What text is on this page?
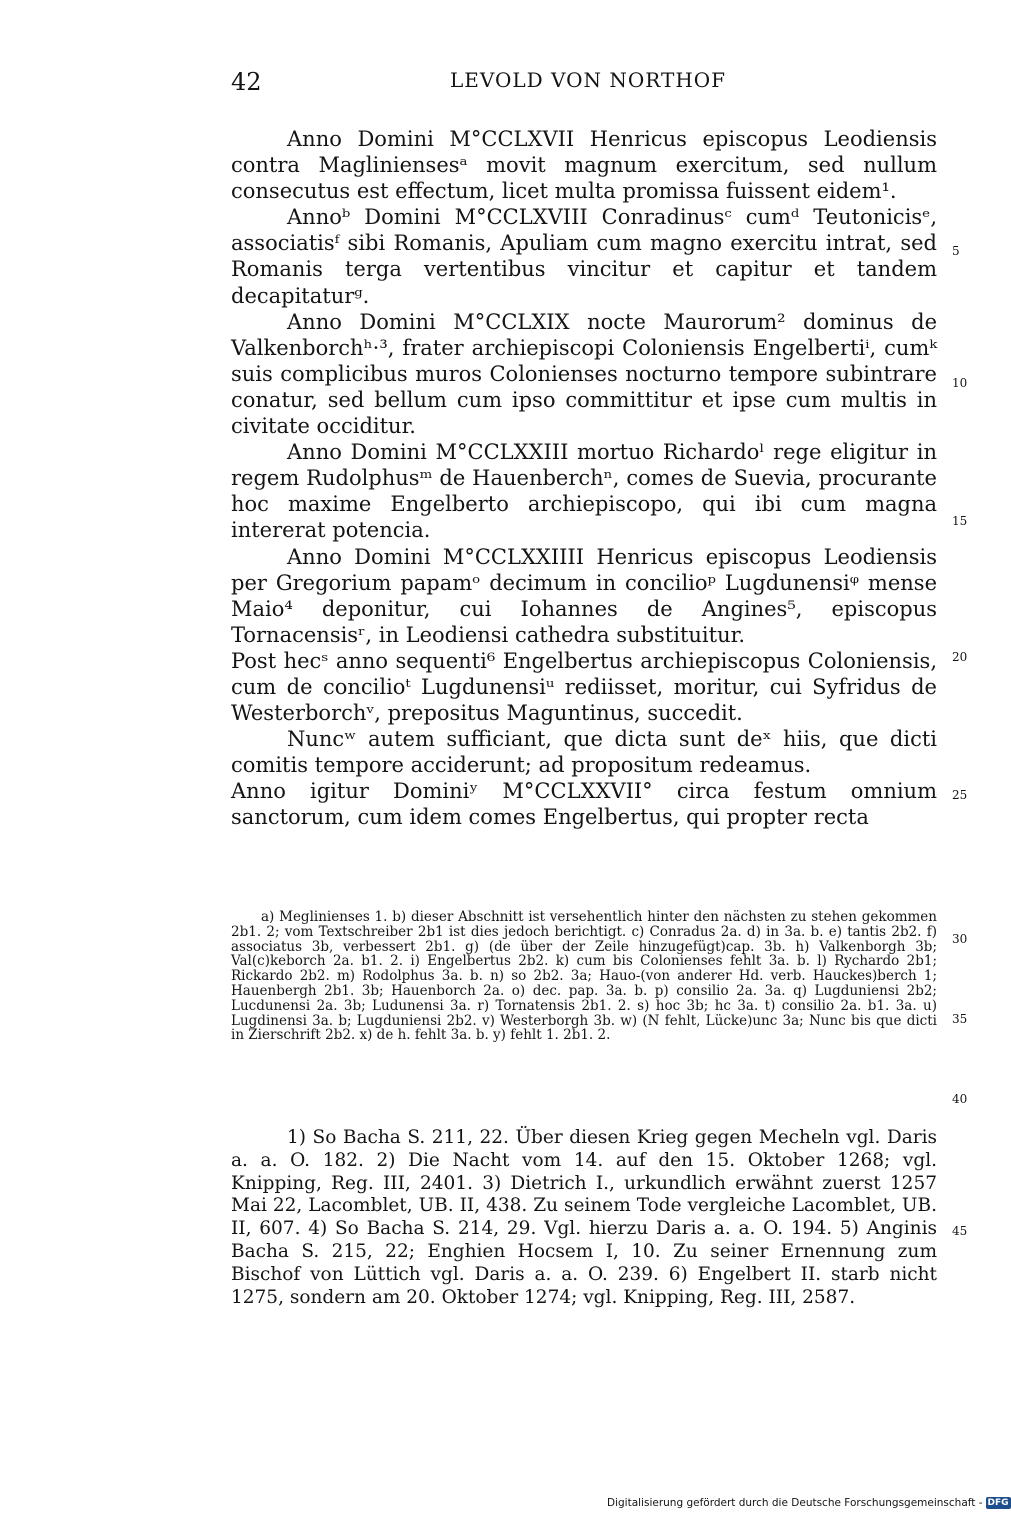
42	LEVOLD VON NORTHOF

Anno Domini M°CCLXVII Henricus episcopus Leodiensis contra Magliniensesᵃ movit magnum exercitum, sed nullum consecutus est effectum, licet multa promissa fuissent eidem¹.

Annoᵇ Domini M°CCLXVIII Conradinusᶜ cumᵈ Teutonicisᵉ, associatisᶠ sibi Romanis, Apuliam cum magno exercitu intrat, sed Romanis terga vertentibus vincitur et capitur et tandem decapitaturᵍ.

Anno Domini M°CCLXIX nocte Maurorum² dominus de Valkenborchʰ·³, frater archiepiscopi Coloniensis Engelbertiⁱ, cumᵏ suis complicibus muros Colonienses nocturno tempore subintrare conatur, sed bellum cum ipso committitur et ipse cum multis in civitate occiditur.

Anno Domini M°CCLXXIII mortuo Richardoˡ rege eligitur in regem Rudolphusᵐ de Hauenberchⁿ, comes de Suevia, procurante hoc maxime Engelberto archiepiscopo, qui ibi cum magna intererat potencia.

Anno Domini M°CCLXXIIII Henricus episcopus Leodiensis per Gregorium papamᵒ decimum in concilioᵖ Lugdunensiᵠ mense Maio⁴ deponitur, cui Iohannes de Angines⁵, episcopus Tornacensisʳ, in Leodiensi cathedra substituitur.

Post hecˢ anno sequenti⁶ Engelbertus archiepiscopus Coloniensis, cum de concilioᵗ Lugdunensiᵘ rediisset, moritur, cui Syfridus de Westerborchᵛ, prepositus Maguntinus, succedit.

Nuncʷ autem sufficiant, que dicta sunt deˣ hiis, que dicti comitis tempore acciderunt; ad propositum redeamus.

Anno igitur Dominiʸ M°CCLXXVII° circa festum omnium sanctorum, cum idem comes Engelbertus, qui propter recta

5
10
15
20
25
30
35
40
45

a) Meglinienses 1. b) dieser Abschnitt ist versehentlich hinter den nächsten zu stehen gekommen 2b1. 2; vom Textschreiber 2b1 ist dies jedoch berichtigt. c) Conradus 2a. d) in 3a. b. e) tantis 2b2. f) associatus 3b, verbessert 2b1. g) (de über der Zeile hinzugefügt)cap. 3b. h) Valkenborgh 3b; Val(c)keborch 2a. b1. 2. i) Engelbertus 2b2. k) cum bis Colonienses fehlt 3a. b. l) Rychardo 2b1; Rickardo 2b2. m) Rodolphus 3a. b. n) so 2b2. 3a; Hauo-(von anderer Hd. verb. Hauckes)berch 1; Hauenbergh 2b1. 3b; Hauenborch 2a. o) dec. pap. 3a. b. p) consilio 2a. 3a. q) Lugduniensi 2b2; Lucdunensi 2a. 3b; Ludunensi 3a. r) Tornatensis 2b1. 2. s) hoc 3b; hc 3a. t) consilio 2a. b1. 3a. u) Lugdinensi 3a. b; Lugduniensi 2b2. v) Westerborgh 3b. w) (N fehlt, Lücke)unc 3a; Nunc bis que dicti in Zierschrift 2b2. x) de h. fehlt 3a. b. y) fehlt 1. 2b1. 2.

1) So Bacha S. 211, 22. Über diesen Krieg gegen Mecheln vgl. Daris a. a. O. 182. 2) Die Nacht vom 14. auf den 15. Oktober 1268; vgl. Knipping, Reg. III, 2401. 3) Dietrich I., urkundlich erwähnt zuerst 1257 Mai 22, Lacomblet, UB. II, 438. Zu seinem Tode vergleiche Lacomblet, UB. II, 607. 4) So Bacha S. 214, 29. Vgl. hierzu Daris a. a. O. 194. 5) Anginis Bacha S. 215, 22; Enghien Hocsem I, 10. Zu seiner Ernennung zum Bischof von Lüttich vgl. Daris a. a. O. 239. 6) Engelbert II. starb nicht 1275, sondern am 20. Oktober 1274; vgl. Knipping, Reg. III, 2587.

Digitalisierung gefördert durch die Deutsche Forschungsgemeinschaft - DFG
